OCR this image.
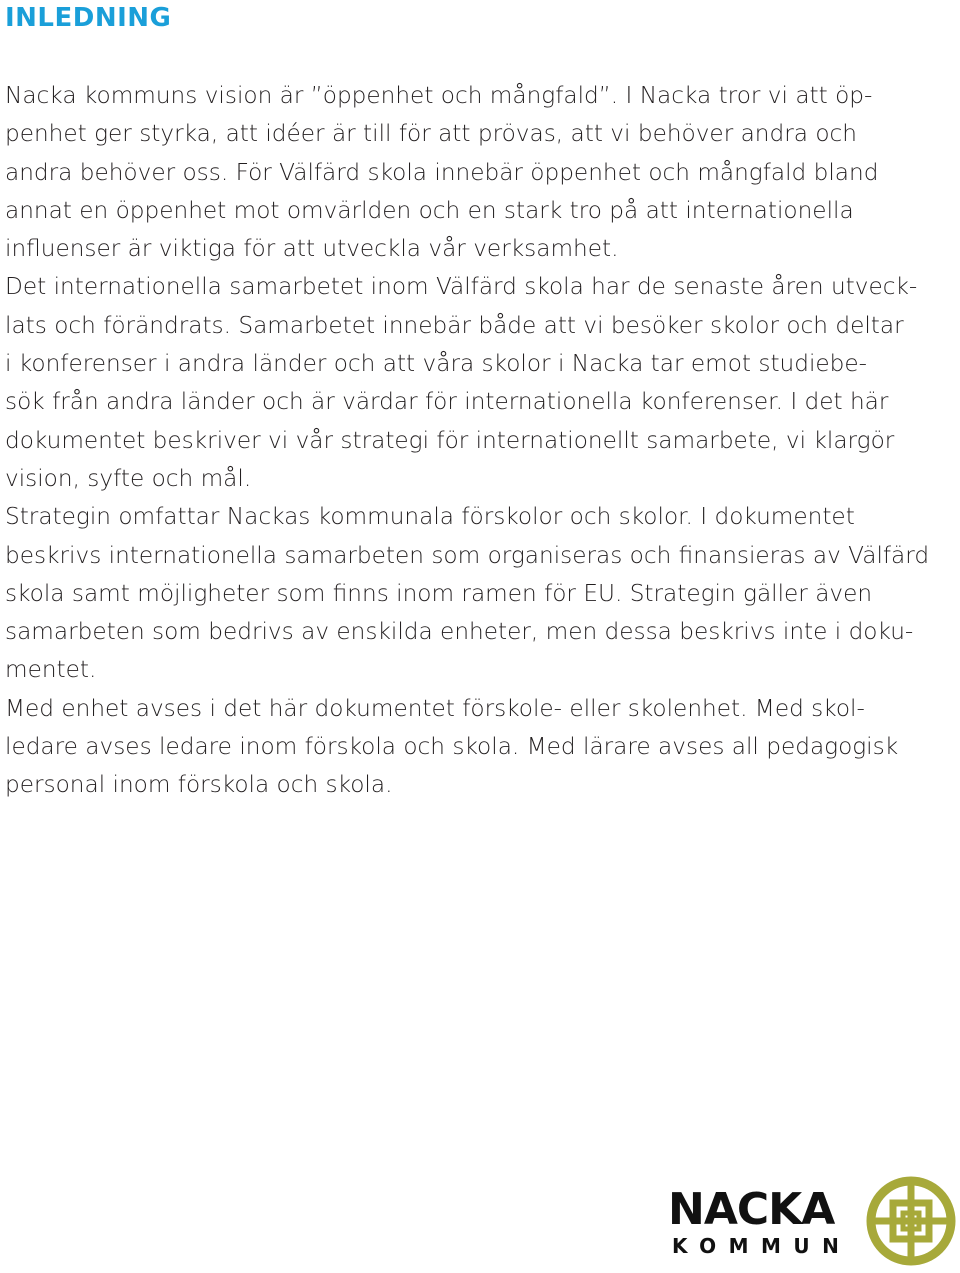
INLEDNING
Nacka kommuns vision är ”öppenhet och mångfald”. I Nacka tror vi att öp-
penhet ger styrka, att idéer är till för att prövas, att vi behöver andra och
andra behöver oss. För Välfärd skola innebär öppenhet och mångfald bland
annat en öppenhet mot omvärlden och en stark tro på att internationella
influenser är viktiga för att utveckla vår verksamhet.
Det internationella samarbetet inom Välfärd skola har de senaste åren utveck-
lats och förändrats. Samarbetet innebär både att vi besöker skolor och deltar
i konferenser i andra länder och att våra skolor i Nacka tar emot studiebe-
sök från andra länder och är värdar för internationella konferenser. I det här
dokumentet beskriver vi vår strategi för internationellt samarbete, vi klargör
vision, syfte och mål.
Strategin omfattar Nackas kommunala förskolor och skolor. I dokumentet
beskrivs internationella samarbeten som organiseras och finansieras av Välfärd
skola samt möjligheter som finns inom ramen för EU. Strategin gäller även
samarbeten som bedrivs av enskilda enheter, men dessa beskrivs inte i doku-
mentet.
Med enhet avses i det här dokumentet förskole- eller skolenhet. Med skol-
ledare avses ledare inom förskola och skola. Med lärare avses all pedagogisk
personal inom förskola och skola.
NACKA
KOMMUN
